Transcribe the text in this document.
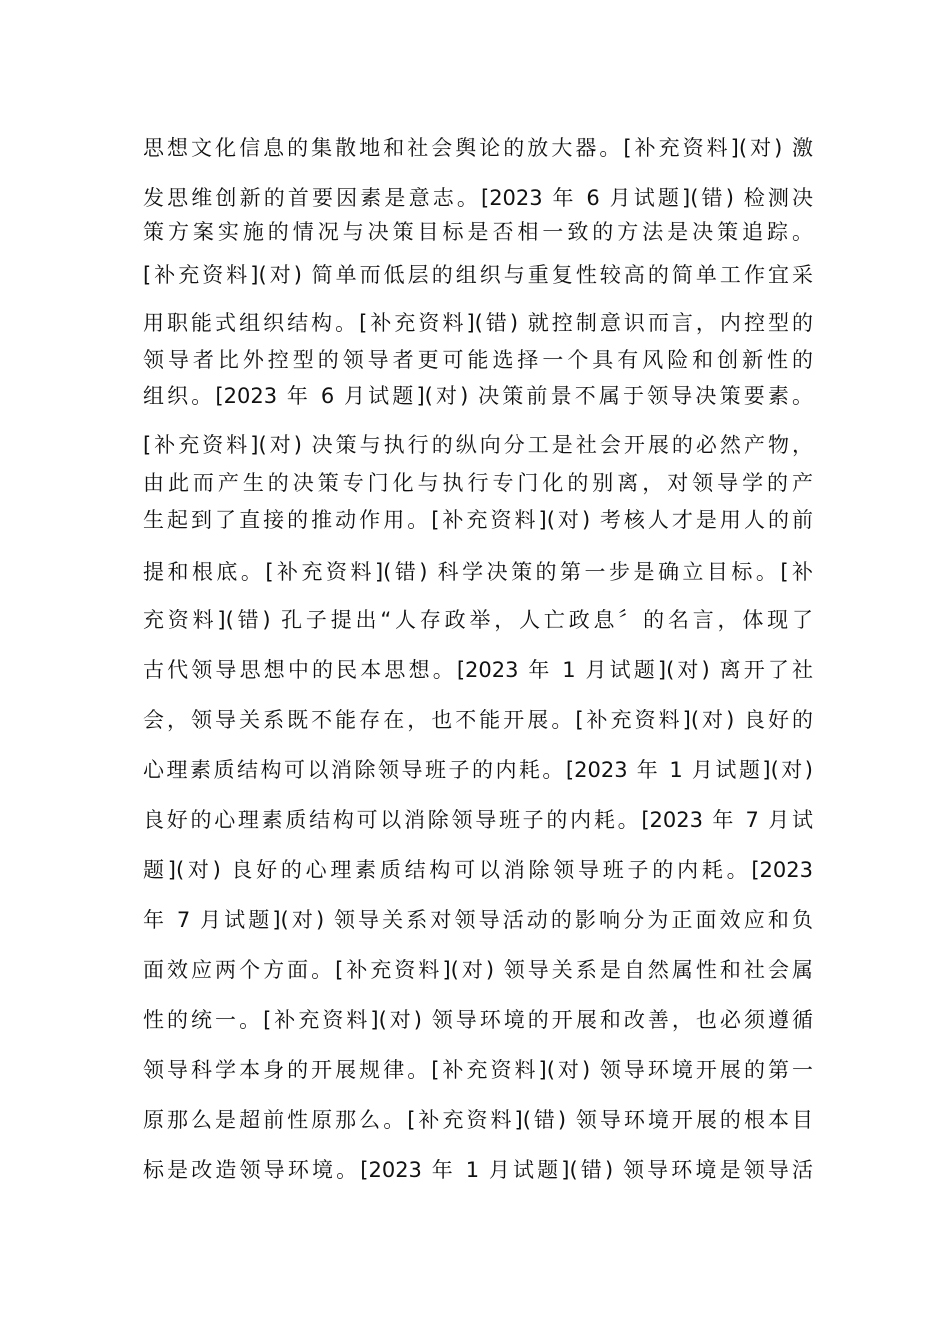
思想文化信息的集散地和社会舆论的放大器。[补充资料](对) 激
发思维创新的首要因素是意志。[2023 年 6 月试题](错) 检测决
策方案实施的情况与决策目标是否相一致的方法是决策追踪。
[补充资料](对) 简单而低层的组织与重复性较高的简单工作宜采
用职能式组织结构。[补充资料](错) 就控制意识而言，内控型的
领导者比外控型的领导者更可能选择一个具有风险和创新性的
组织。[2023 年 6 月试题](对) 决策前景不属于领导决策要素。
[补充资料](对) 决策与执行的纵向分工是社会开展的必然产物，
由此而产生的决策专门化与执行专门化的别离，对领导学的产
生起到了直接的推动作用。[补充资料](对) 考核人才是用人的前
提和根底。[补充资料](错) 科学决策的第一步是确立目标。[补
充资料](错) 孔子提出“人存政举，人亡政息〞的名言，体现了
古代领导思想中的民本思想。[2023 年 1 月试题](对) 离开了社
会，领导关系既不能存在，也不能开展。[补充资料](对) 良好的
心理素质结构可以消除领导班子的内耗。[2023 年 1 月试题](对)
良好的心理素质结构可以消除领导班子的内耗。[2023 年 7 月试
题](对) 良好的心理素质结构可以消除领导班子的内耗。[2023
年 7 月试题](对) 领导关系对领导活动的影响分为正面效应和负
面效应两个方面。[补充资料](对) 领导关系是自然属性和社会属
性的统一。[补充资料](对) 领导环境的开展和改善，也必须遵循
领导科学本身的开展规律。[补充资料](对) 领导环境开展的第一
原那么是超前性原那么。[补充资料](错) 领导环境开展的根本目
标是改造领导环境。[2023 年 1 月试题](错) 领导环境是领导活
